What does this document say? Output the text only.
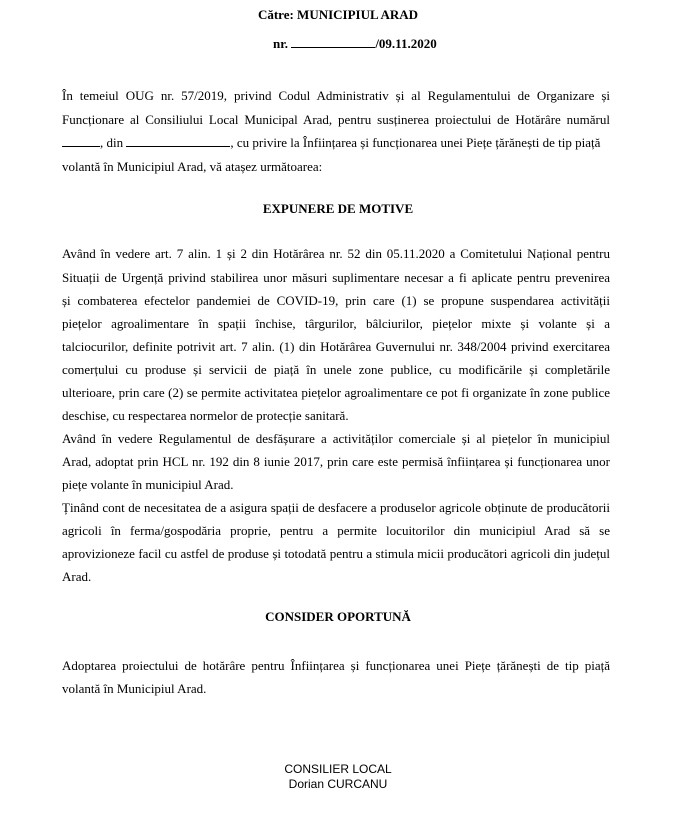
Către: MUNICIPIUL ARAD
nr.	/09.11.2020
În temeiul OUG nr. 57/2019, privind Codul Administrativ și al Regulamentului de Organizare și
Funcționare al Consiliului Local Municipal Arad, pentru susținerea proiectului de Hotărâre numărul
, din	, cu privire la Înființarea și funcționarea unei Piețe țărănești de tip piață
volantă în Municipiul Arad, vă atașez următoarea:
EXPUNERE DE MOTIVE
Având în vedere art. 7 alin. 1 și 2 din Hotărârea nr. 52 din 05.11.2020 a Comitetului Național pentru
Situații de Urgență privind stabilirea unor măsuri suplimentare necesar a fi aplicate pentru prevenirea
și combaterea efectelor pandemiei de COVID-19, prin care (1) se propune suspendarea activității
piețelor agroalimentare în spații închise, târgurilor, bâlciurilor, piețelor mixte și volante și a
talciocurilor, definite potrivit art. 7 alin. (1) din Hotărârea Guvernului nr. 348/2004 privind exercitarea
comerțului cu produse și servicii de piață în unele zone publice, cu modificările și completările
ulterioare, prin care (2) se permite activitatea piețelor agroalimentare ce pot fi organizate în zone publice
deschise, cu respectarea normelor de protecție sanitară.
Având în vedere Regulamentul de desfășurare a activităților comerciale și al piețelor în municipiul
Arad, adoptat prin HCL nr. 192 din 8 iunie 2017, prin care este permisă înființarea și funcționarea unor
piețe volante în municipiul Arad.
Ținând cont de necesitatea de a asigura spații de desfacere a produselor agricole obținute de producătorii
agricoli în ferma/gospodăria proprie, pentru a permite locuitorilor din municipiul Arad să se
aprovizioneze facil cu astfel de produse și totodată pentru a stimula micii producători agricoli din județul
Arad.
CONSIDER OPORTUNĂ
Adoptarea proiectului de hotărâre pentru Înființarea și funcționarea unei Piețe țărănești de tip piață
volantă în Municipiul Arad.
CONSILIER LOCAL
Dorian CURCANU
